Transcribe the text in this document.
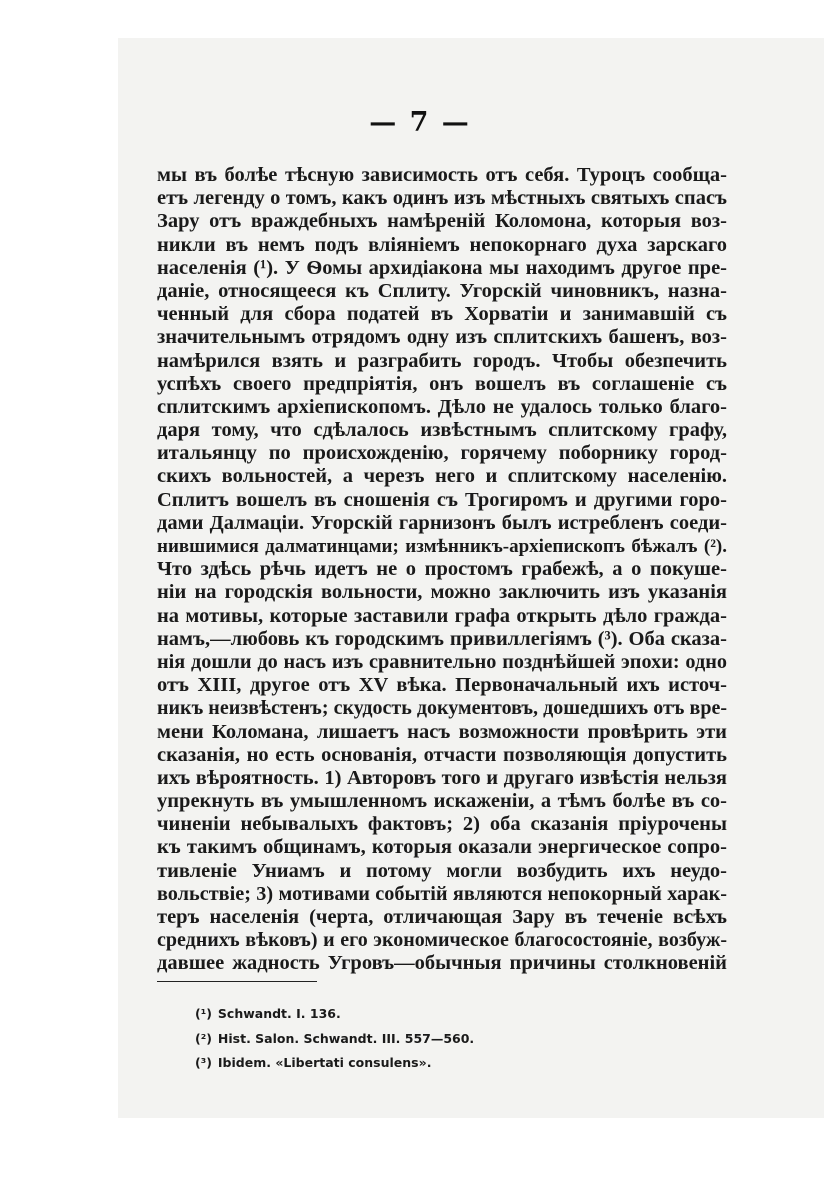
— 7 —
мы въ болѣе тѣсную зависимость отъ себя. Туроцъ сообща-
етъ легенду о томъ, какъ одинъ изъ мѣстныхъ святыхъ спасъ
Зару отъ враждебныхъ намѣреній Коломона, которыя воз-
никли въ немъ подъ вліяніемъ непокорнаго духа зарскаго
населенія (¹). У Ѳомы архидіакона мы находимъ другое пре-
даніе, относящееся къ Сплиту. Угорскій чиновникъ, назна-
ченный для сбора податей въ Хорватіи и занимавшій съ
значительнымъ отрядомъ одну изъ сплитскихъ башенъ, воз-
намѣрился взять и разграбить городъ. Чтобы обезпечить
успѣхъ своего предпріятія, онъ вошелъ въ соглашеніе съ
сплитскимъ архіепископомъ. Дѣло не удалось только благо-
даря тому, что сдѣлалось извѣстнымъ сплитскому графу,
итальянцу по происхожденію, горячему поборнику город-
скихъ вольностей, а черезъ него и сплитскому населенію.
Сплитъ вошелъ въ сношенія съ Трогиромъ и другими горо-
дами Далмаціи. Угорскій гарнизонъ былъ истребленъ соеди-
нившимися далматинцами; измѣнникъ-архіепископъ бѣжалъ (²).
Что здѣсь рѣчь идетъ не о простомъ грабежѣ, а о покуше-
ніи на городскія вольности, можно заключить изъ указанія
на мотивы, которые заставили графа открыть дѣло гражда-
намъ,—любовь къ городскимъ привиллегіямъ (³). Оба сказа-
нія дошли до насъ изъ сравнительно позднѣйшей эпохи: одно
отъ XIII, другое отъ XV вѣка. Первоначальный ихъ источ-
никъ неизвѣстенъ; скудость документовъ, дошедшихъ отъ вре-
мени Коломана, лишаетъ насъ возможности провѣрить эти
сказанія, но есть основанія, отчасти позволяющія допустить
ихъ вѣроятность. 1) Авторовъ того и другаго извѣстія нельзя
упрекнуть въ умышленномъ искаженіи, а тѣмъ болѣе въ со-
чиненіи небывалыхъ фактовъ; 2) оба сказанія пріурочены
къ такимъ общинамъ, которыя оказали энергическое сопро-
тивленіе Униамъ и потому могли возбудить ихъ неудо-
вольствіе; 3) мотивами событій являются непокорный харак-
теръ населенія (черта, отличающая Зару въ теченіе всѣхъ
среднихъ вѣковъ) и его экономическое благосостояніе, возбуж-
давшее жадность Угровъ—обычныя причины столкновеній
(¹) Schwandt. I. 136.
(²) Hist. Salon. Schwandt. III. 557—560.
(³) Ibidem. «Libertati consulens».
